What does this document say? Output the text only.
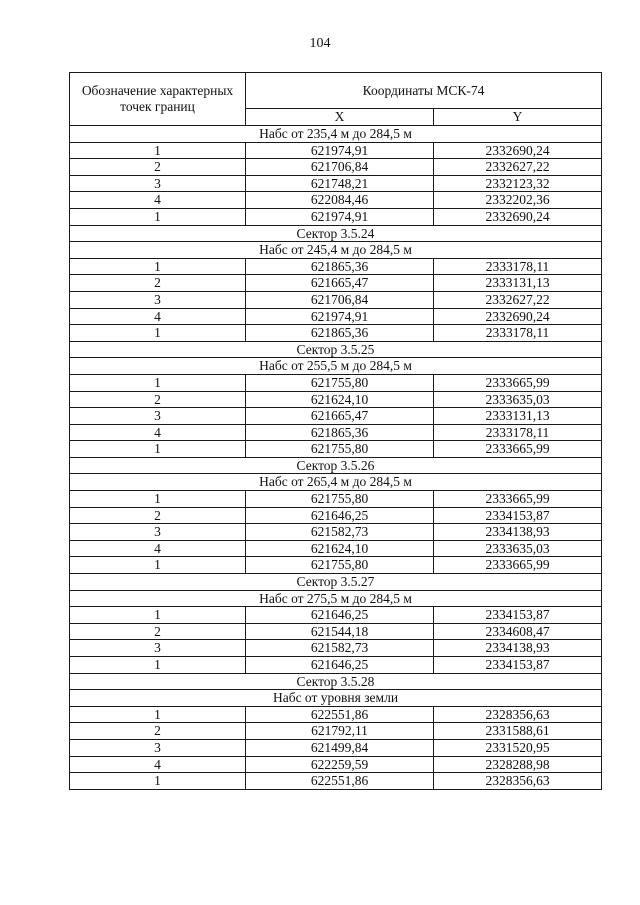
104
Обозначение характерных точек границ	Координаты МСК-74	
	X	Y
Набс от 235,4 м до 284,5 м		
1	621974,91	2332690,24
2	621706,84	2332627,22
3	621748,21	2332123,32
4	622084,46	2332202,36
1	621974,91	2332690,24
Сектор 3.5.24		
Набс от 245,4 м до 284,5 м		
1	621865,36	2333178,11
2	621665,47	2333131,13
3	621706,84	2332627,22
4	621974,91	2332690,24
1	621865,36	2333178,11
Сектор 3.5.25		
Набс от 255,5 м до 284,5 м		
1	621755,80	2333665,99
2	621624,10	2333635,03
3	621665,47	2333131,13
4	621865,36	2333178,11
1	621755,80	2333665,99
Сектор 3.5.26		
Набс от 265,4 м до 284,5 м		
1	621755,80	2333665,99
2	621646,25	2334153,87
3	621582,73	2334138,93
4	621624,10	2333635,03
1	621755,80	2333665,99
Сектор 3.5.27		
Набс от 275,5 м до 284,5 м		
1	621646,25	2334153,87
2	621544,18	2334608,47
3	621582,73	2334138,93
1	621646,25	2334153,87
Сектор 3.5.28		
Набс от уровня земли		
1	622551,86	2328356,63
2	621792,11	2331588,61
3	621499,84	2331520,95
4	622259,59	2328288,98
1	622551,86	2328356,63
